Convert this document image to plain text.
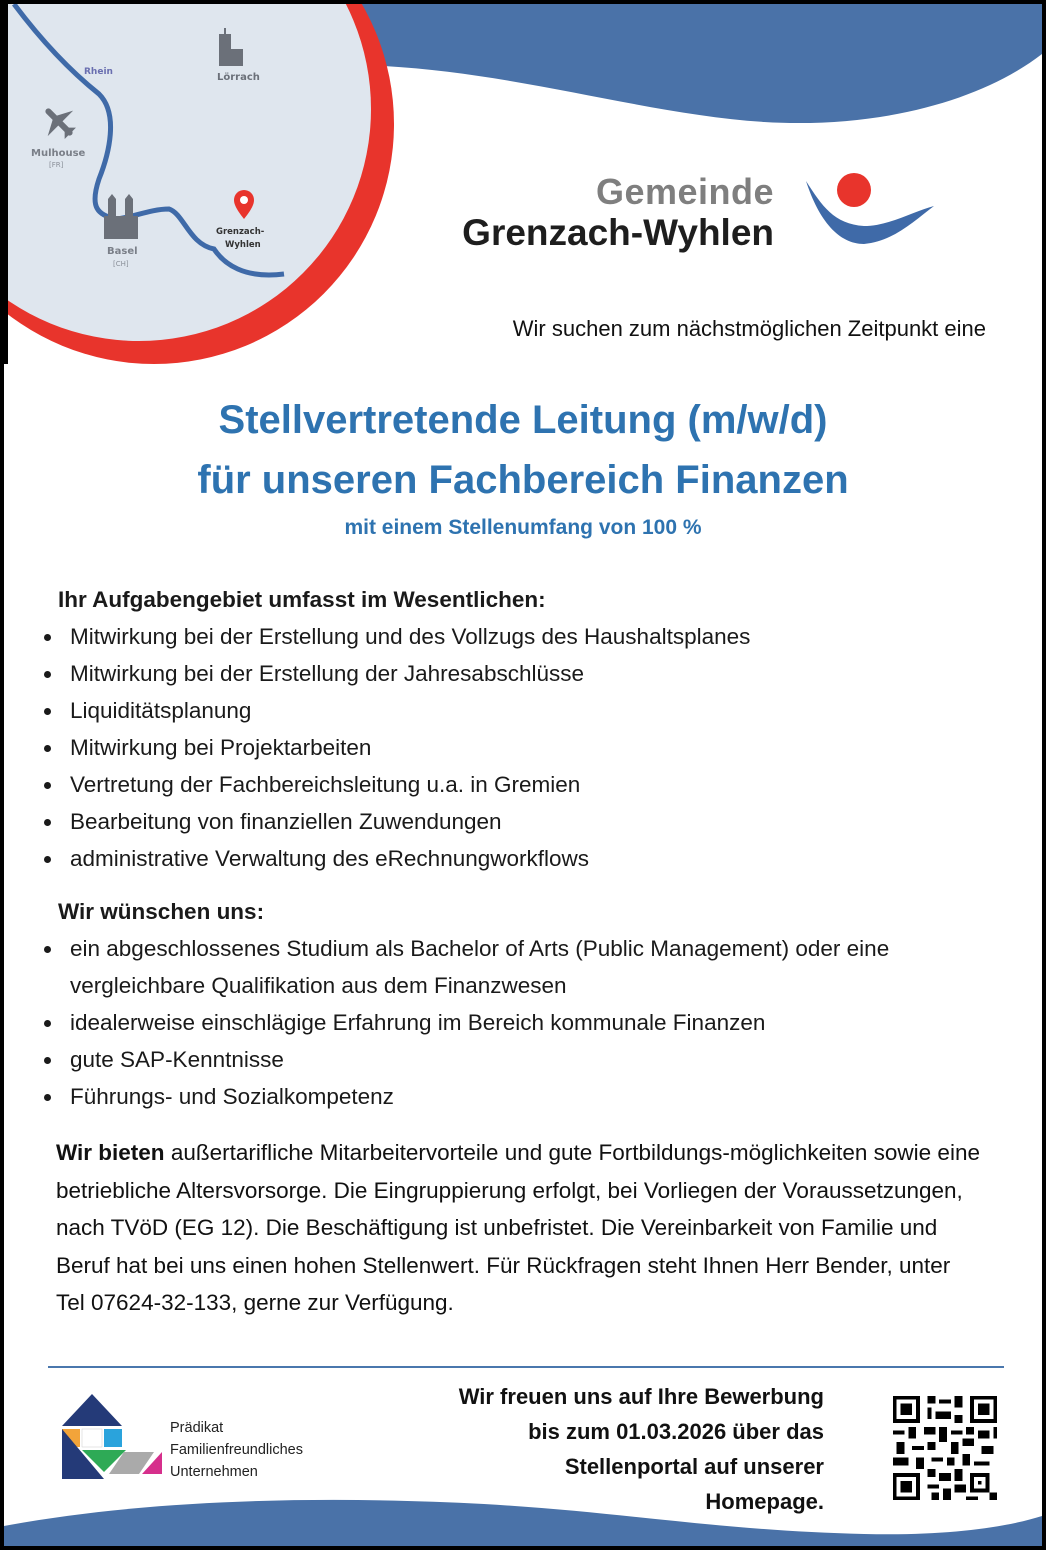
Rhein	Lörrach
Mulhouse
[FR]
Basel
[CH]
Grenzach-
Wyhlen
Gemeinde
Grenzach-Wyhlen
Wir suchen zum nächstmöglichen Zeitpunkt eine
Stellvertretende Leitung (m/w/d)
für unseren Fachbereich Finanzen
mit einem Stellenumfang von 100 %
Ihr Aufgabengebiet umfasst im Wesentlichen:
Mitwirkung bei der Erstellung und des Vollzugs des Haushaltsplanes
Mitwirkung bei der Erstellung der Jahresabschlüsse
Liquiditätsplanung
Mitwirkung bei Projektarbeiten
Vertretung der Fachbereichsleitung u.a. in Gremien
Bearbeitung von finanziellen Zuwendungen
administrative Verwaltung des eRechnungworkflows
Wir wünschen uns:
ein abgeschlossenes Studium als Bachelor of Arts (Public Management) oder eine vergleichbare Qualifikation aus dem Finanzwesen
idealerweise einschlägige Erfahrung im Bereich kommunale Finanzen
gute SAP-Kenntnisse
Führungs- und Sozialkompetenz
Wir bieten außertarifliche Mitarbeitervorteile und gute Fortbildungs-möglichkeiten sowie eine betriebliche Altersvorsorge. Die Eingruppierung erfolgt, bei Vorliegen der Voraussetzungen, nach TVöD (EG 12). Die Beschäftigung ist unbefristet. Die Vereinbarkeit von Familie und Beruf hat bei uns einen hohen Stellenwert. Für Rückfragen steht Ihnen Herr Bender, unter Tel 07624-32-133, gerne zur Verfügung.
Prädikat
Familienfreundliches
Unternehmen
Wir freuen uns auf Ihre Bewerbung
bis zum 01.03.2026 über das
Stellenportal auf unserer
Homepage.
